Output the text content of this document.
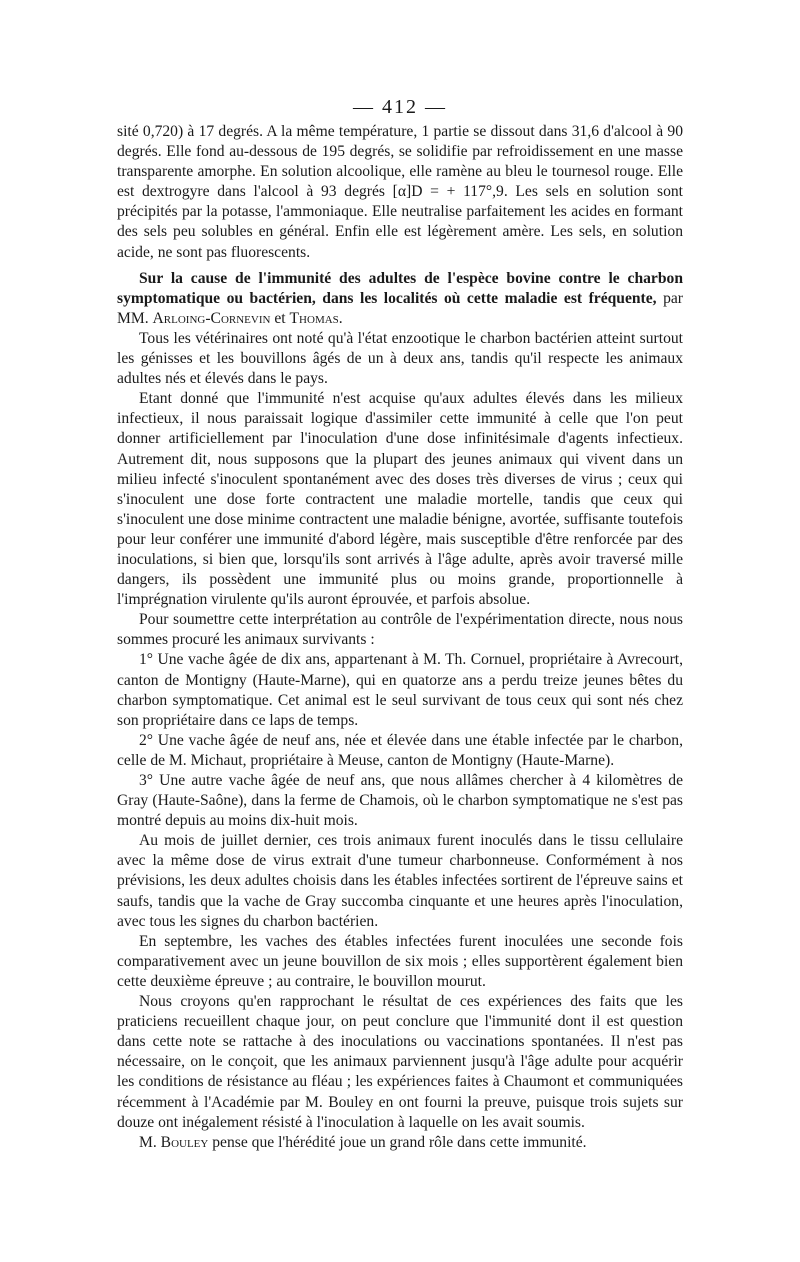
— 412 —

sité 0,720) à 17 degrés. A la même température, 1 partie se dissout dans 31,6 d'alcool à 90 degrés. Elle fond au-dessous de 195 degrés, se solidifie par refroidissement en une masse transparente amorphe. En solution alcoolique, elle ramène au bleu le tournesol rouge. Elle est dextrogyre dans l'alcool à 93 degrés [α]D = + 117°,9. Les sels en solution sont précipités par la potasse, l'ammoniaque. Elle neutralise parfaitement les acides en formant des sels peu solubles en général. Enfin elle est légèrement amère. Les sels, en solution acide, ne sont pas fluorescents.

Sur la cause de l'immunité des adultes de l'espèce bovine contre le charbon symptomatique ou bactérien, dans les localités où cette maladie est fréquente, par MM. Arloing-Cornevin et Thomas.

Tous les vétérinaires ont noté qu'à l'état enzootique le charbon bactérien atteint surtout les génisses et les bouvillons âgés de un à deux ans, tandis qu'il respecte les animaux adultes nés et élevés dans le pays.

Etant donné que l'immunité n'est acquise qu'aux adultes élevés dans les milieux infectieux, il nous paraissait logique d'assimiler cette immunité à celle que l'on peut donner artificiellement par l'inoculation d'une dose infinitésimale d'agents infectieux. Autrement dit, nous supposons que la plupart des jeunes animaux qui vivent dans un milieu infecté s'inoculent spontanément avec des doses très diverses de virus ; ceux qui s'inoculent une dose forte contractent une maladie mortelle, tandis que ceux qui s'inoculent une dose minime contractent une maladie bénigne, avortée, suffisante toutefois pour leur conférer une immunité d'abord légère, mais susceptible d'être renforcée par des inoculations, si bien que, lorsqu'ils sont arrivés à l'âge adulte, après avoir traversé mille dangers, ils possèdent une immunité plus ou moins grande, proportionnelle à l'imprégnation virulente qu'ils auront éprouvée, et parfois absolue.

Pour soumettre cette interprétation au contrôle de l'expérimentation directe, nous nous sommes procuré les animaux survivants :

1° Une vache âgée de dix ans, appartenant à M. Th. Cornuel, propriétaire à Avrecourt, canton de Montigny (Haute-Marne), qui en quatorze ans a perdu treize jeunes bêtes du charbon symptomatique. Cet animal est le seul survivant de tous ceux qui sont nés chez son propriétaire dans ce laps de temps.

2° Une vache âgée de neuf ans, née et élevée dans une étable infectée par le charbon, celle de M. Michaut, propriétaire à Meuse, canton de Montigny (Haute-Marne).

3° Une autre vache âgée de neuf ans, que nous allâmes chercher à 4 kilomètres de Gray (Haute-Saône), dans la ferme de Chamois, où le charbon symptomatique ne s'est pas montré depuis au moins dix-huit mois.

Au mois de juillet dernier, ces trois animaux furent inoculés dans le tissu cellulaire avec la même dose de virus extrait d'une tumeur charbonneuse. Conformément à nos prévisions, les deux adultes choisis dans les étables infectées sortirent de l'épreuve sains et saufs, tandis que la vache de Gray succomba cinquante et une heures après l'inoculation, avec tous les signes du charbon bactérien.

En septembre, les vaches des étables infectées furent inoculées une seconde fois comparativement avec un jeune bouvillon de six mois ; elles supportèrent également bien cette deuxième épreuve ; au contraire, le bouvillon mourut.

Nous croyons qu'en rapprochant le résultat de ces expériences des faits que les praticiens recueillent chaque jour, on peut conclure que l'immunité dont il est question dans cette note se rattache à des inoculations ou vaccinations spontanées. Il n'est pas nécessaire, on le conçoit, que les animaux parviennent jusqu'à l'âge adulte pour acquérir les conditions de résistance au fléau ; les expériences faites à Chaumont et communiquées récemment à l'Académie par M. Bouley en ont fourni la preuve, puisque trois sujets sur douze ont inégalement résisté à l'inoculation à laquelle on les avait soumis.

M. Bouley pense que l'hérédité joue un grand rôle dans cette immunité.
